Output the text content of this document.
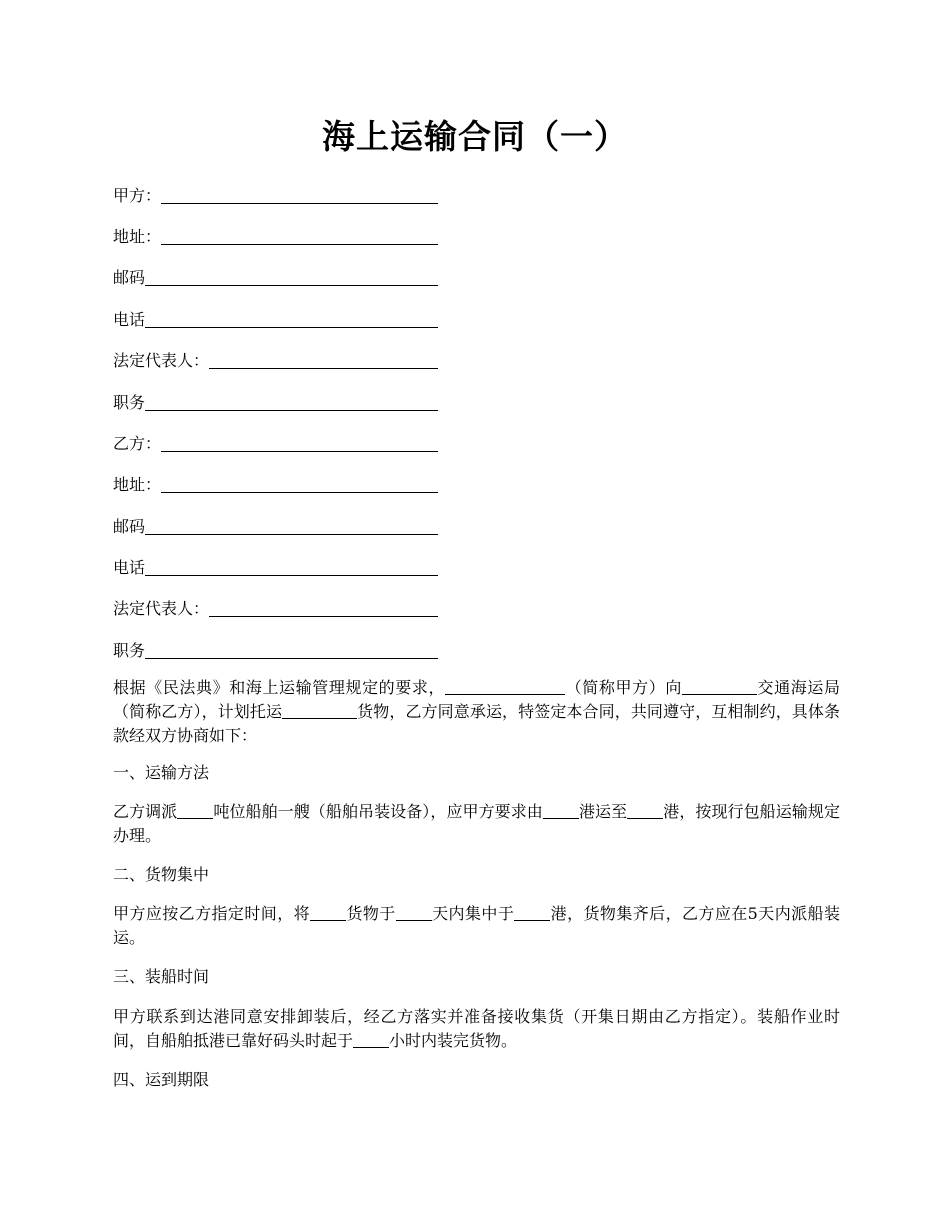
海上运输合同（一）
甲方：
地址：
邮码
电话
法定代表人：
职务
乙方：
地址：
邮码
电话
法定代表人：
职务

根据《民法典》和海上运输管理规定的要求，	（简称甲方）向	交通海运局（简称乙方），计划托运	货物，乙方同意承运，特签定本合同，共同遵守，互相制约，具体条款经双方协商如下：

一、运输方法

乙方调派 吨位船舶一艘（船舶吊装设备），应甲方要求由 港运至 港，按现行包船运输规定办理。

二、货物集中

甲方应按乙方指定时间，将 货物于 天内集中于 港，货物集齐后，乙方应在5天内派船装运。

三、装船时间

甲方联系到达港同意安排卸装后，经乙方落实并准备接收集货（开集日期由乙方指定）。装船作业时间，自船舶抵港已靠好码头时起于 小时内装完货物。

四、运到期限
